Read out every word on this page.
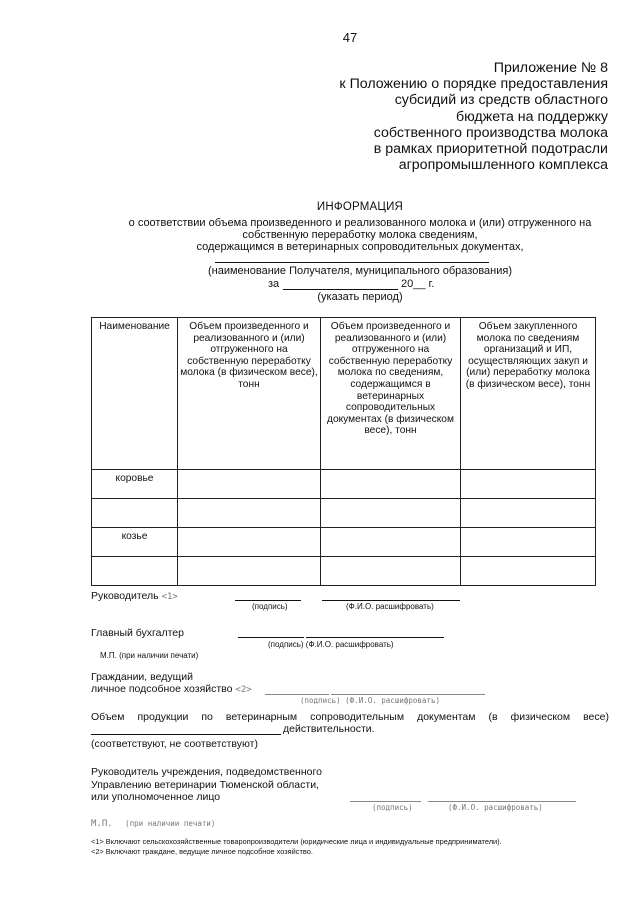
47
Приложение № 8
к Положению о порядке предоставления
субсидий из средств областного
бюджета на поддержку
собственного производства молока
в рамках приоритетной подотрасли
агропромышленного комплекса
ИНФОРМАЦИЯ
о соответствии объема произведенного и реализованного молока и (или) отгруженного на
собственную переработку молока сведениям,
содержащимся в ветеринарных сопроводительных документах,
(наименование Получателя, муниципального образования)
за	20__ г.
(указать период)
Наименование	Объем произведенного и реализованного и (или) отгруженного на собственную переработку молока (в физическом весе), тонн	Объем произведенного и реализованного и (или) отгруженного на собственную переработку молока по сведениям, содержащимся в ветеринарных сопроводительных документах (в физическом весе), тонн	Объем закупленного молока по сведениям организаций и ИП, осуществляющих закуп и (или) переработку молока (в физическом весе), тонн
коровье			

козье			

Руководитель <1>
(подпись)	(Ф.И.О. расшифровать)
Главный бухгалтер
(подпись) (Ф.И.О. расшифровать)
М.П. (при наличии печати)
Граждании, ведущий
личное подсобное хозяйство <2>
(подпись) (Ф.И.О. расшифровать)
Объем продукции по ветеринарным сопроводительным документам (в физическом весе)
действительности.
(соответствуют, не соответствуют)
Руководитель учреждения, подведомственного
Управлению ветеринарии Тюменской области,
или уполномоченное лицо
(подпись)	(Ф.И.О. расшифровать)
М.П. (при наличии печати)
<1> Включают сельскохозяйственные товаропроизводители (юридические лица и индивидуальные предприниматели).
<2> Включают граждане, ведущие личное подсобное хозяйство.
